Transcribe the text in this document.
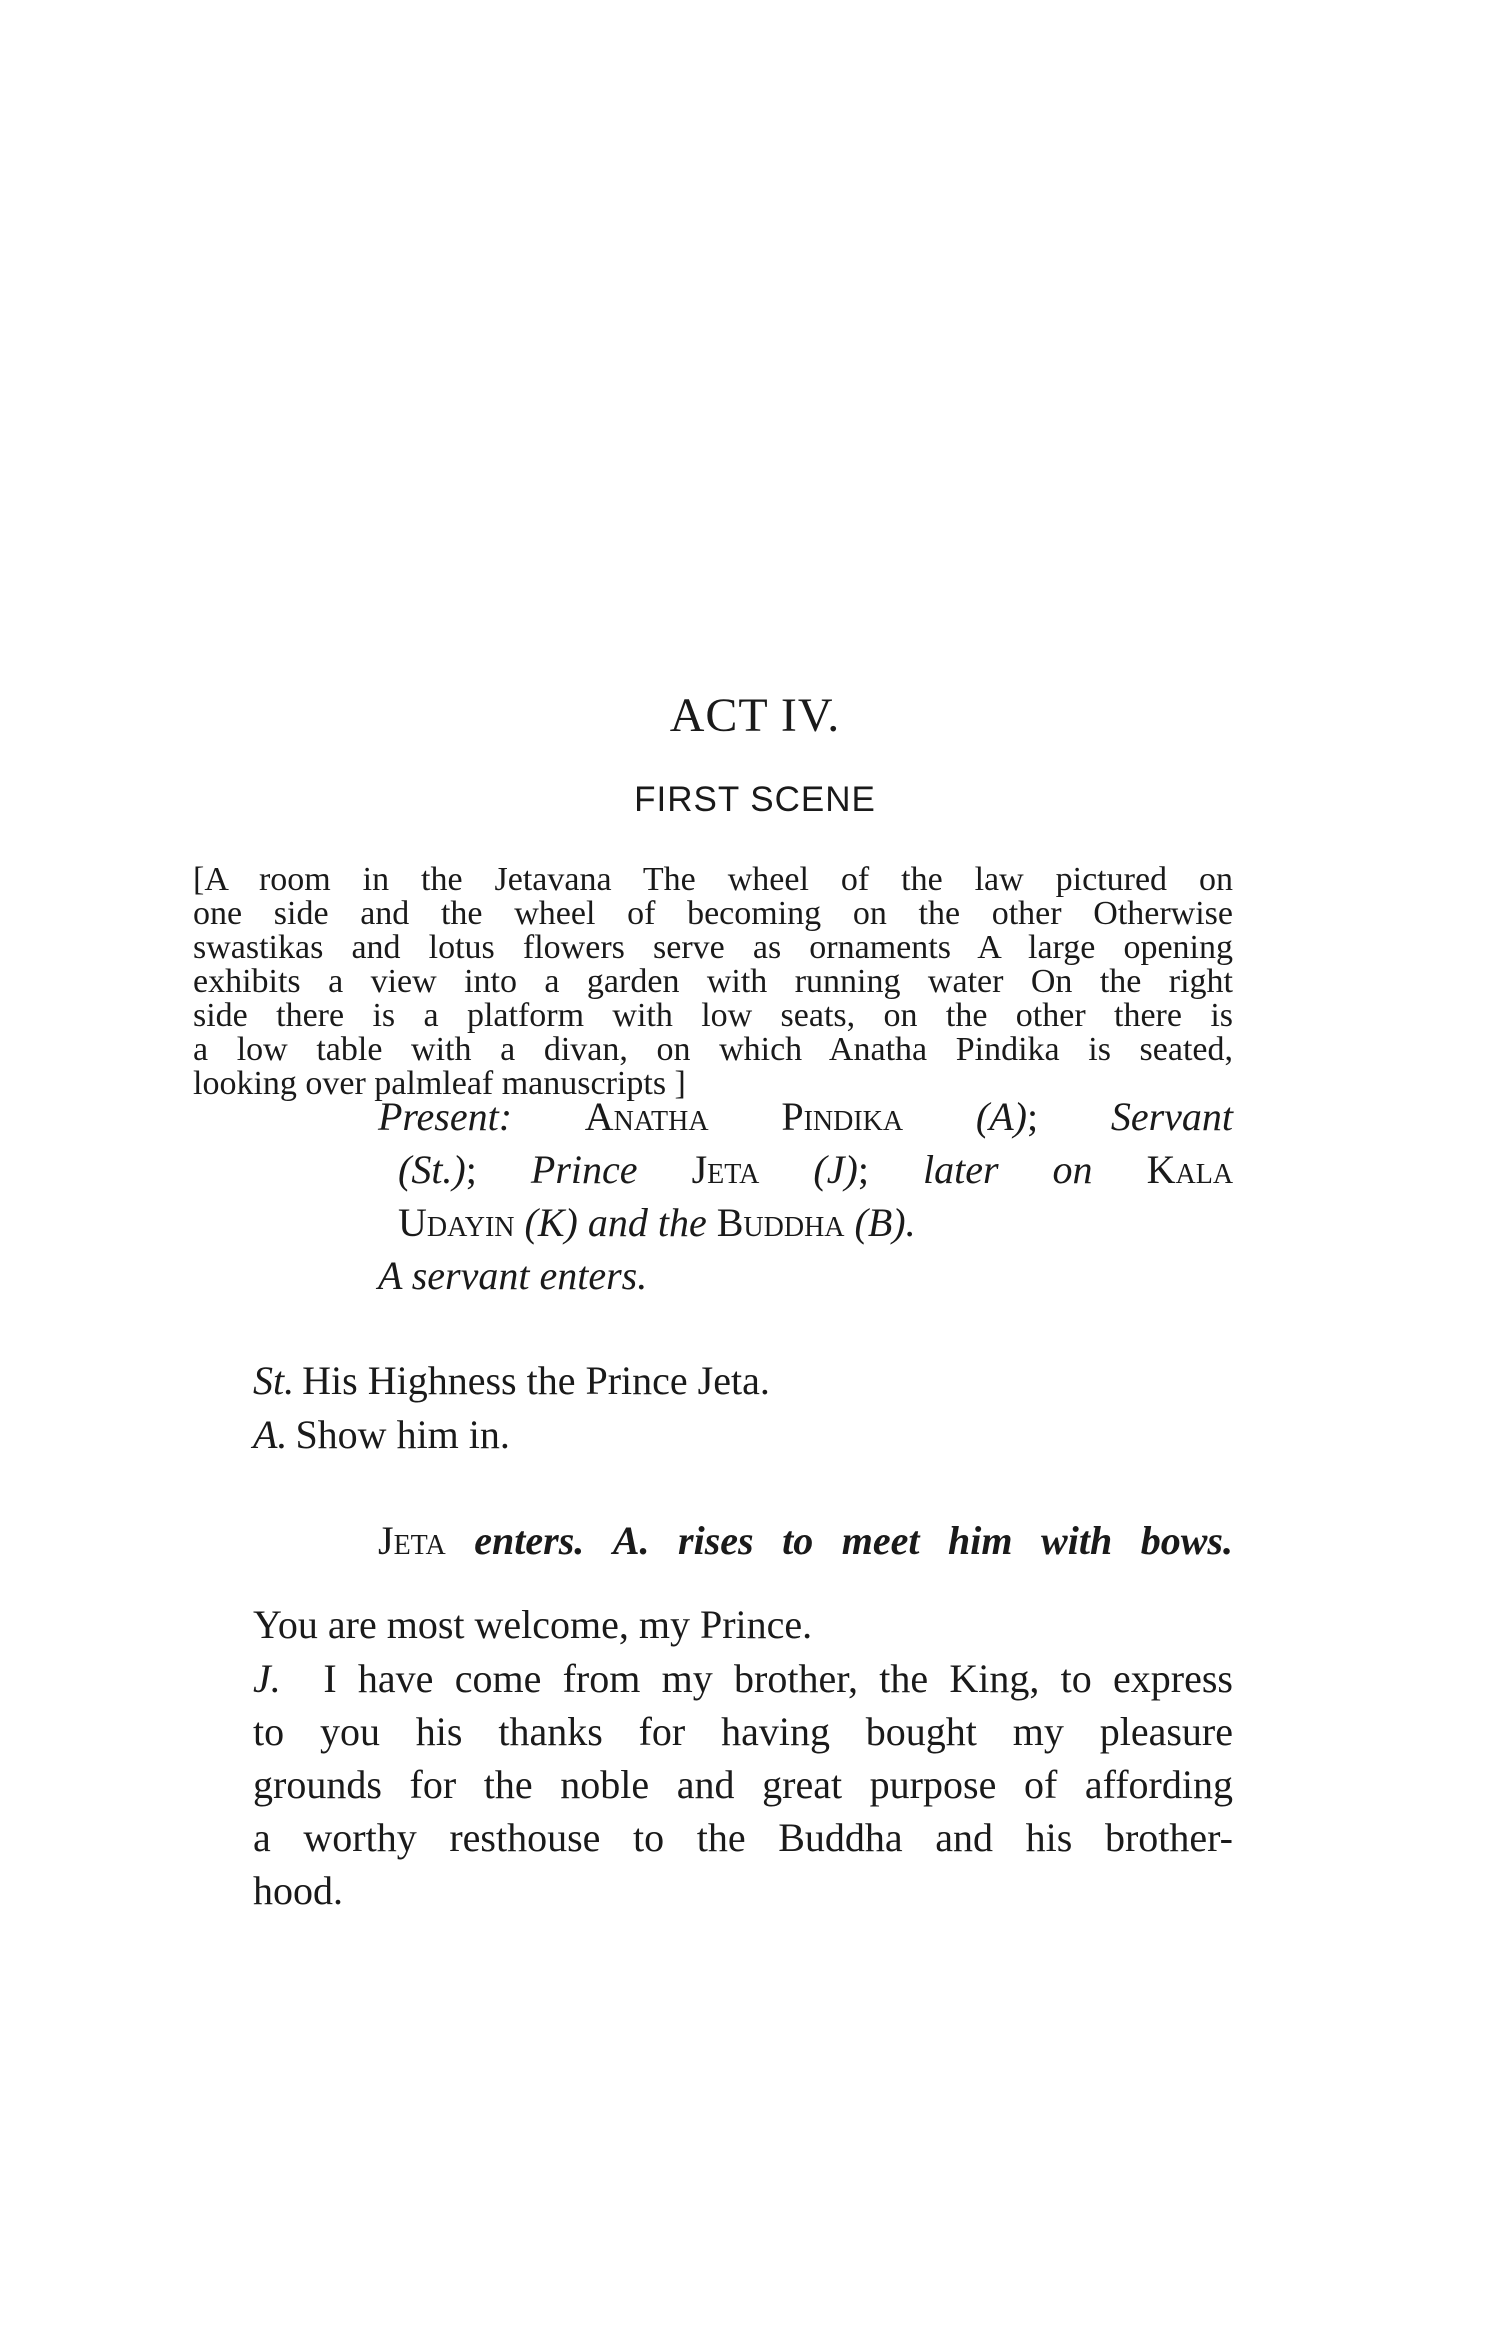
ACT IV.
FIRST SCENE
[A room in the Jetavana The wheel of the law pictured on
one side and the wheel of becoming on the other Otherwise
swastikas and lotus flowers serve as ornaments A large opening
exhibits a view into a garden with running water On the right
side there is a platform with low seats, on the other there is
a low table with a divan, on which Anatha Pindika is seated,
looking over palmleaf manuscripts ]
Present: Anatha Pindika (A); Servant
(St.); Prince Jeta (J); later on Kala
Udayin (K) and the Buddha (B).
A servant enters.
St. His Highness the Prince Jeta.
A. Show him in.
Jeta enters. A. rises to meet him with bows.
You are most welcome, my Prince.
J. I have come from my brother, the King, to express
to you his thanks for having bought my pleasure
grounds for the noble and great purpose of affording
a worthy resthouse to the Buddha and his brother-
hood.
